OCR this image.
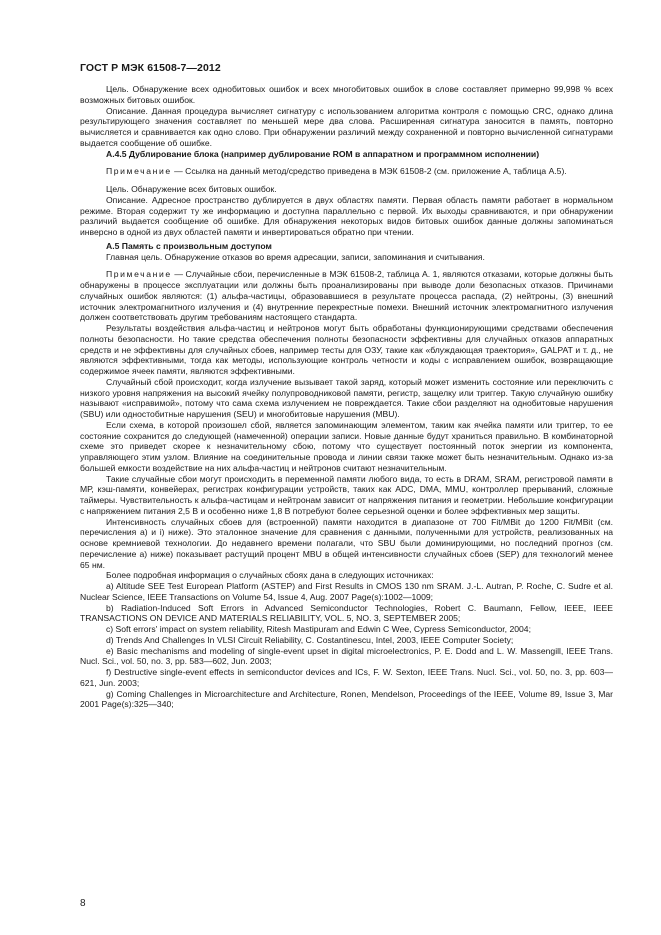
ГОСТ Р МЭК 61508-7—2012

Цель. Обнаружение всех однобитовых ошибок и всех многобитовых ошибок в слове составляет примерно 99,998 % всех возможных битовых ошибок.

Описание. Данная процедура вычисляет сигнатуру с использованием алгоритма контроля с помощью CRC, однако длина результирующего значения составляет по меньшей мере два слова. Расширенная сигнатура заносится в память, повторно вычисляется и сравнивается как одно слово. При обнаружении различий между сохраненной и повторно вычисленной сигнатурами выдается сообщение об ошибке.

А.4.5 Дублирование блока (например дублирование ROM в аппаратном и программном исполнении)

Примечание — Ссылка на данный метод/средство приведена в МЭК 61508-2 (см. приложение А, таблица А.5).

Цель. Обнаружение всех битовых ошибок.

Описание. Адресное пространство дублируется в двух областях памяти. Первая область памяти работает в нормальном режиме. Вторая содержит ту же информацию и доступна параллельно с первой. Их выходы сравниваются, и при обнаружении различий выдается сообщение об ошибке. Для обнаружения некоторых видов битовых ошибок данные должны запоминаться инверсно в одной из двух областей памяти и инвертироваться обратно при чтении.

А.5 Память с произвольным доступом

Главная цель. Обнаружение отказов во время адресации, записи, запоминания и считывания.

Примечание — Случайные сбои, перечисленные в МЭК 61508-2, таблица А. 1, являются отказами, которые должны быть обнаружены в процессе эксплуатации или должны быть проанализированы при выводе доли безопасных отказов. Причинами случайных ошибок являются: (1) альфа-частицы, образовавшиеся в результате процесса распада, (2) нейтроны, (3) внешний источник электромагнитного излучения и (4) внутренние перекрестные помехи. Внешний источник электромагнитного излучения должен соответствовать другим требованиям настоящего стандарта.

Результаты воздействия альфа-частиц и нейтронов могут быть обработаны функционирующими средствами обеспечения полноты безопасности. Но такие средства обеспечения полноты безопасности эффективны для случайных отказов аппаратных средств и не эффективны для случайных сбоев, например тесты для ОЗУ, такие как «блуждающая траектория», GALPAT и т. д., не являются эффективными, тогда как методы, использующие контроль четности и коды с исправлением ошибок, возвращающие содержимое ячеек памяти, являются эффективными.

Случайный сбой происходит, когда излучение вызывает такой заряд, который может изменить состояние или переключить с низкого уровня напряжения на высокий ячейку полупроводниковой памяти, регистр, защелку или триггер. Такую случайную ошибку называют «исправимой», потому что сама схема излучением не повреждается. Такие сбои разделяют на однобитовые нарушения (SBU) или одностобитные нарушения (SEU) и многобитовые нарушения (MBU).

Если схема, в которой произошел сбой, является запоминающим элементом, таким как ячейка памяти или триггер, то ее состояние сохранится до следующей (намеченной) операции записи. Новые данные будут храниться правильно. В комбинаторной схеме это приведет скорее к незначительному сбою, потому что существует постоянный поток энергии из компонента, управляющего этим узлом. Влияние на соединительные провода и линии связи также может быть незначительным. Однако из-за большей емкости воздействие на них альфа-частиц и нейтронов считают незначительным.

Такие случайные сбои могут происходить в переменной памяти любого вида, то есть в DRAM, SRAM, регистровой памяти в МР, кэш-памяти, конвейерах, регистрах конфигурации устройств, таких как ADC, DMA, MMU, контроллер прерываний, сложные таймеры. Чувствительность к альфа-частицам и нейтронам зависит от напряжения питания и геометрии. Небольшие конфигурации с напряжением питания 2,5 В и особенно ниже 1,8 В потребуют более серьезной оценки и более эффективных мер защиты.

Интенсивность случайных сбоев для (встроенной) памяти находится в диапазоне от 700 Fit/MBit до 1200 Fit/MBit (см. перечисления a) и i) ниже). Это эталонное значение для сравнения с данными, полученными для устройств, реализованных на основе кремниевой технологии. До недавнего времени полагали, что SBU были доминирующими, но последний прогноз (см. перечисление a) ниже) показывает растущий процент MBU в общей интенсивности случайных сбоев (SEP) для технологий менее 65 нм.

Более подробная информация о случайных сбоях дана в следующих источниках:

a) Altitude SEE Test European Platform (ASTEP) and First Results in CMOS 130 nm SRAM. J.-L. Autran, P. Roche, C. Sudre et al. Nuclear Science, IEEE Transactions on Volume 54, Issue 4, Aug. 2007 Page(s):1002—1009;

b) Radiation-Induced Soft Errors in Advanced Semiconductor Technologies, Robert C. Baumann, Fellow, IEEE, IEEE TRANSACTIONS ON DEVICE AND MATERIALS RELIABILITY, VOL. 5, NO. 3, SEPTEMBER 2005;

c) Soft errors' impact on system reliability, Ritesh Mastipuram and Edwin C Wee, Cypress Semiconductor, 2004;

d) Trends And Challenges In VLSI Circuit Reliability, C. Costantinescu, Intel, 2003, IEEE Computer Society;

e) Basic mechanisms and modeling of single-event upset in digital microelectronics, P. E. Dodd and L. W. Massengill, IEEE Trans. Nucl. Sci., vol. 50, no. 3, pp. 583—602, Jun. 2003;

f) Destructive single-event effects in semiconductor devices and ICs, F. W. Sexton, IEEE Trans. Nucl. Sci., vol. 50, no. 3, pp. 603—621, Jun. 2003;

g) Coming Challenges in Microarchitecture and Architecture, Ronen, Mendelson, Proceedings of the IEEE, Volume 89, Issue 3, Mar 2001 Page(s):325—340;

8
